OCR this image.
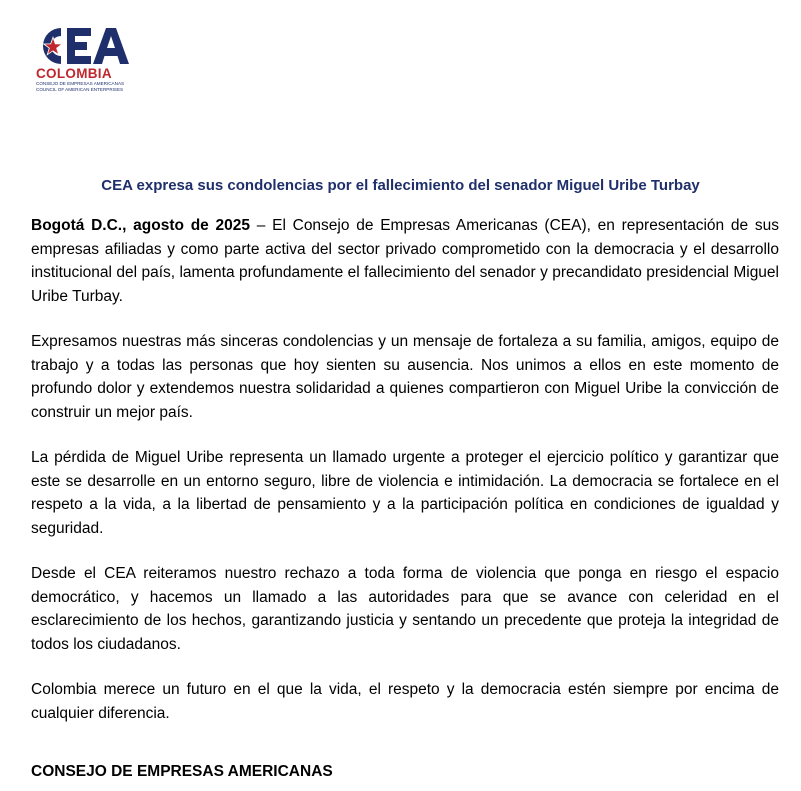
COLOMBIA
CONSEJO DE EMPRESAS AMERICANAS
COUNCIL OF AMERICAN ENTERPRISES
CEA expresa sus condolencias por el fallecimiento del senador Miguel Uribe Turbay

Bogotá D.C., agosto de 2025 – El Consejo de Empresas Americanas (CEA), en representación de sus empresas afiliadas y como parte activa del sector privado comprometido con la democracia y el desarrollo institucional del país, lamenta profundamente el fallecimiento del senador y precandidato presidencial Miguel Uribe Turbay.

Expresamos nuestras más sinceras condolencias y un mensaje de fortaleza a su familia, amigos, equipo de trabajo y a todas las personas que hoy sienten su ausencia. Nos unimos a ellos en este momento de profundo dolor y extendemos nuestra solidaridad a quienes compartieron con Miguel Uribe la convicción de construir un mejor país.

La pérdida de Miguel Uribe representa un llamado urgente a proteger el ejercicio político y garantizar que este se desarrolle en un entorno seguro, libre de violencia e intimidación. La democracia se fortalece en el respeto a la vida, a la libertad de pensamiento y a la participación política en condiciones de igualdad y seguridad.

Desde el CEA reiteramos nuestro rechazo a toda forma de violencia que ponga en riesgo el espacio democrático, y hacemos un llamado a las autoridades para que se avance con celeridad en el esclarecimiento de los hechos, garantizando justicia y sentando un precedente que proteja la integridad de todos los ciudadanos.

Colombia merece un futuro en el que la vida, el respeto y la democracia estén siempre por encima de cualquier diferencia.

CONSEJO DE EMPRESAS AMERICANAS
